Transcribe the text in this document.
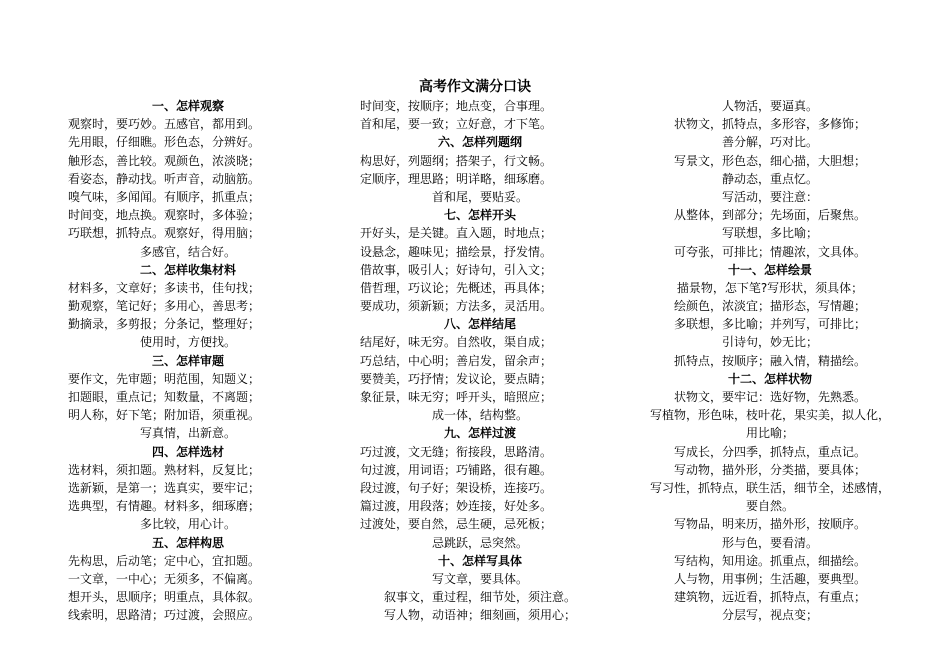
高考作文满分口诀
一、怎样观察
观察时，要巧妙。五感官，都用到。
先用眼，仔细瞧。形色态，分辨好。
触形态，善比较。观颜色，浓淡晓；
看姿态，静动找。听声音，动脑筋。
嗅气味，多闻闻。有顺序，抓重点；
时间变，地点换。观察时，多体验；
巧联想，抓特点。观察好，得用脑；
多感官，结合好。
二、怎样收集材料
材料多，文章好；多读书，佳句找；
勤观察，笔记好；多用心，善思考；
勤摘录，多剪报；分条记，整理好；
使用时，方便找。
三、怎样审题
要作文，先审题；明范围，知题义；
扣题眼，重点记；知数量，不离题；
明人称，好下笔；附加语，须重视。
写真情，出新意。
四、怎样选材
选材料，须扣题。熟材料，反复比；
选新颖，是第一；选真实，要牢记；
选典型，有情趣。材料多，细琢磨；
多比较，用心计。
五、怎样构思
先构思，后动笔；定中心，宜扣题。
一文章，一中心；无须多，不偏离。
想开头，思顺序；明重点，具体叙。
线索明，思路清；巧过渡，会照应。
时间变，按顺序；地点变，合事理。
首和尾，要一致；立好意，才下笔。
六、怎样列题纲
构思好，列题纲；搭架子，行文畅。
定顺序，理思路；明详略，细琢磨。
首和尾，要贴妥。
七、怎样开头
开好头，是关键。直入题，时地点；
设悬念，趣味见；描绘景，抒发情。
借故事，吸引人；好诗句，引入文；
借哲理，巧议论；先概述，再具体；
要成功，须新颖；方法多，灵活用。
八、怎样结尾
结尾好，味无穷。自然收，渠自成；
巧总结，中心明；善启发，留余声；
要赞美，巧抒情；发议论，要点睛；
象征景，味无穷；呼开头，暗照应；
成一体，结构整。
九、怎样过渡
巧过渡，文无缝；衔接段，思路清。
句过渡，用词语；巧铺路，很有趣。
段过渡，句子好；架设桥，连接巧。
篇过渡，用段落；妙连接，好处多。
过渡处，要自然，忌生硬，忌死板；
忌跳跃，忌突然。
十、怎样写具体
写文章，要具体。
叙事文，重过程，细节处，须注意。
写人物，动语神；细刻画，须用心；
人物活，要逼真。
状物文，抓特点，多形容，多修饰；
善分解，巧对比。
写景文，形色态，细心描，大胆想；
静动态，重点忆。
写活动，要注意：
从整体，到部分；先场面，后聚焦。
写联想，多比喻；
可夸张，可排比；情趣浓，文具体。
十一、怎样绘景
描景物，怎下笔?写形状，须具体；
绘颜色，浓淡宜；描形态，写情趣；
多联想，多比喻；并列写，可排比；
引诗句，妙无比；
抓特点，按顺序；融入情，精描绘。
十二、怎样状物
状物文，要牢记：选好物，先熟悉。
写植物，形色味，枝叶花，果实美，拟人化，
用比喻；
写成长，分四季，抓特点，重点记。
写动物，描外形，分类描，要具体；
写习性，抓特点，联生活，细节全，述感情，
要自然。
写物品，明来历，描外形，按顺序。
形与色，要看清。
写结构，知用途。抓重点，细描绘。
人与物，用事例；生活趣，要典型。
建筑物，远近看，抓特点，有重点；
分层写，视点变；
